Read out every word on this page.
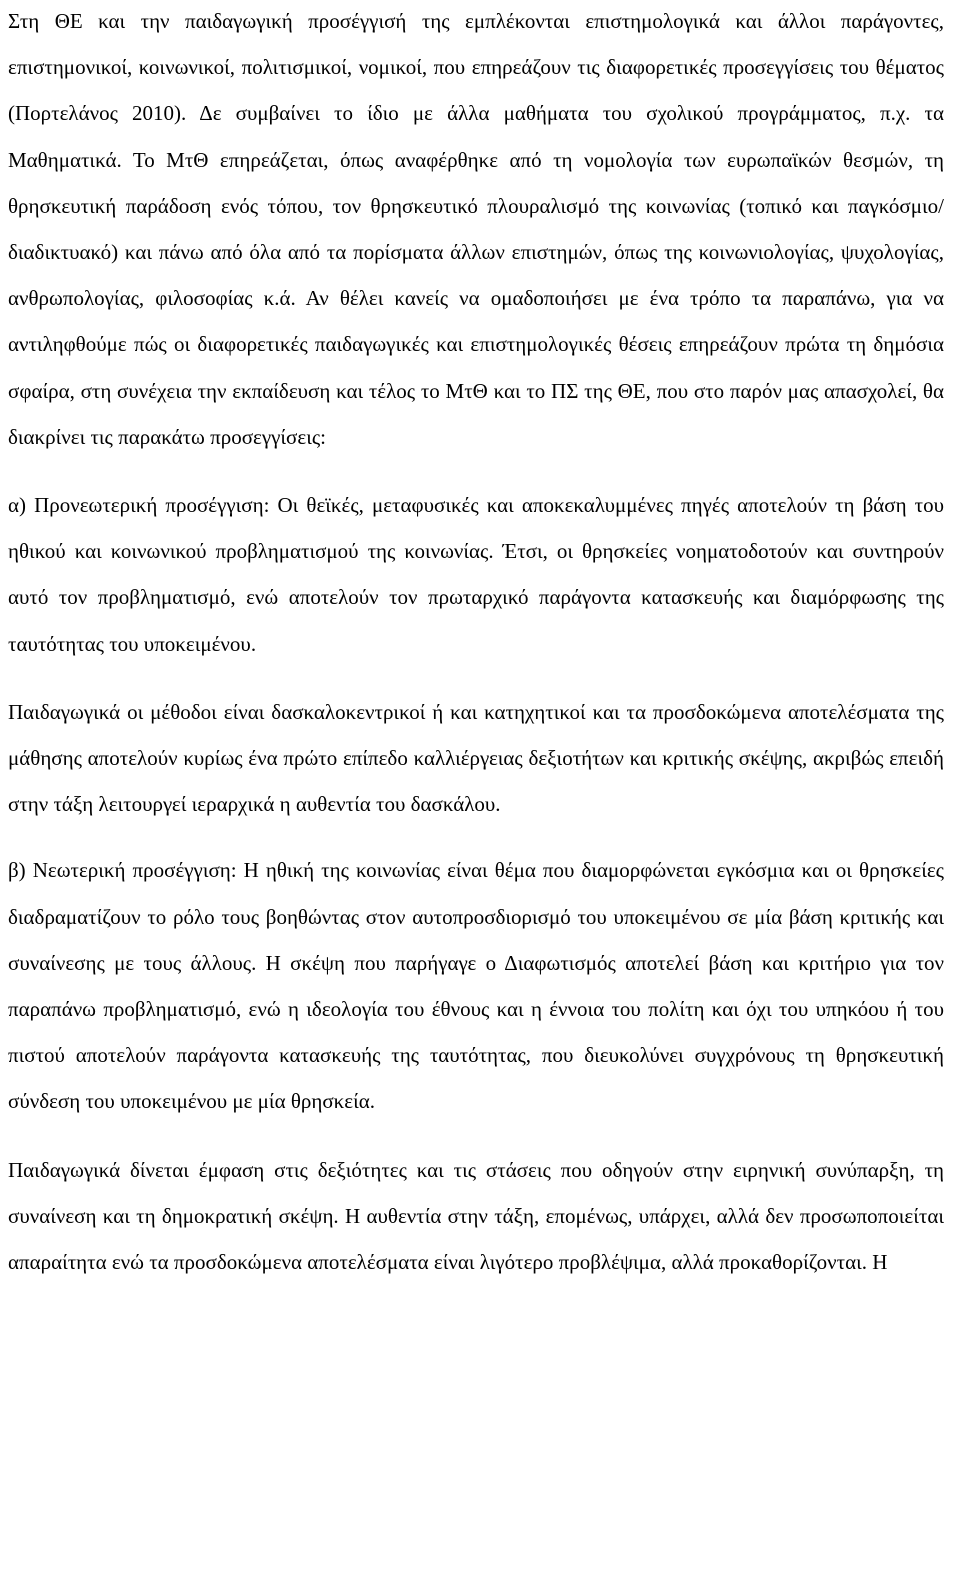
Στη ΘΕ και την παιδαγωγική προσέγγισή της εμπλέκονται επιστημολογικά και άλλοι παράγοντες, επιστημονικοί, κοινωνικοί, πολιτισμικοί, νομικοί, που επηρεάζουν τις διαφορετικές προσεγγίσεις του θέματος (Πορτελάνος 2010). Δε συμβαίνει το ίδιο με άλλα μαθήματα του σχολικού προγράμματος, π.χ. τα Μαθηματικά. Το ΜτΘ επηρεάζεται, όπως αναφέρθηκε από τη νομολογία των ευρωπαϊκών θεσμών, τη θρησκευτική παράδοση ενός τόπου, τον θρησκευτικό πλουραλισμό της κοινωνίας (τοπικό και παγκόσμιο/διαδικτυακό) και πάνω από όλα από τα πορίσματα άλλων επιστημών, όπως της κοινωνιολογίας, ψυχολογίας, ανθρωπολογίας, φιλοσοφίας κ.ά. Αν θέλει κανείς να ομαδοποιήσει με ένα τρόπο τα παραπάνω, για να αντιληφθούμε πώς οι διαφορετικές παιδαγωγικές και επιστημολογικές θέσεις επηρεάζουν πρώτα τη δημόσια σφαίρα, στη συνέχεια την εκπαίδευση και τέλος το ΜτΘ και το ΠΣ της ΘΕ, που στο παρόν μας απασχολεί, θα διακρίνει τις παρακάτω προσεγγίσεις:

α) Προνεωτερική προσέγγιση: Οι θεϊκές, μεταφυσικές και αποκεκαλυμμένες πηγές αποτελούν τη βάση του ηθικού και κοινωνικού προβληματισμού της κοινωνίας. Έτσι, οι θρησκείες νοηματοδοτούν και συντηρούν αυτό τον προβληματισμό, ενώ αποτελούν τον πρωταρχικό παράγοντα κατασκευής και διαμόρφωσης της ταυτότητας του υποκειμένου.

Παιδαγωγικά οι μέθοδοι είναι δασκαλοκεντρικοί ή και κατηχητικοί και τα προσδοκώμενα αποτελέσματα της μάθησης αποτελούν κυρίως ένα πρώτο επίπεδο καλλιέργειας δεξιοτήτων και κριτικής σκέψης, ακριβώς επειδή στην τάξη λειτουργεί ιεραρχικά η αυθεντία του δασκάλου.

β) Νεωτερική προσέγγιση: Η ηθική της κοινωνίας είναι θέμα που διαμορφώνεται εγκόσμια και οι θρησκείες διαδραματίζουν το ρόλο τους βοηθώντας στον αυτοπροσδιορισμό του υποκειμένου σε μία βάση κριτικής και συναίνεσης με τους άλλους. Η σκέψη που παρήγαγε ο Διαφωτισμός αποτελεί βάση και κριτήριο για τον παραπάνω προβληματισμό, ενώ η ιδεολογία του έθνους και η έννοια του πολίτη και όχι του υπηκόου ή του πιστού αποτελούν παράγοντα κατασκευής της ταυτότητας, που διευκολύνει συγχρόνους τη θρησκευτική σύνδεση του υποκειμένου με μία θρησκεία.

Παιδαγωγικά δίνεται έμφαση στις δεξιότητες και τις στάσεις που οδηγούν στην ειρηνική συνύπαρξη, τη συναίνεση και τη δημοκρατική σκέψη. Η αυθεντία στην τάξη, επομένως, υπάρχει, αλλά δεν προσωποποιείται απαραίτητα ενώ τα προσδοκώμενα αποτελέσματα είναι λιγότερο προβλέψιμα, αλλά προκαθορίζονται. Η
